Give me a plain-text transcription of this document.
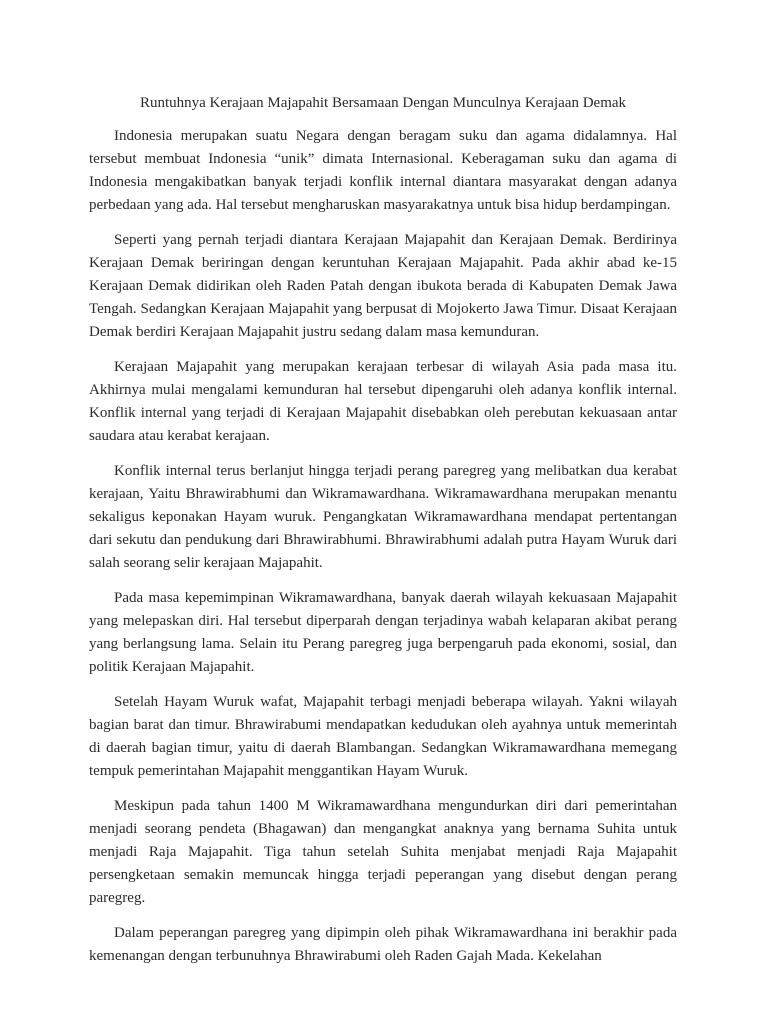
Runtuhnya Kerajaan Majapahit Bersamaan Dengan Munculnya Kerajaan Demak

Indonesia merupakan suatu Negara dengan beragam suku dan agama didalamnya. Hal tersebut membuat Indonesia “unik” dimata Internasional. Keberagaman suku dan agama di Indonesia mengakibatkan banyak terjadi konflik internal diantara masyarakat dengan adanya perbedaan yang ada. Hal tersebut mengharuskan masyarakatnya untuk bisa hidup berdampingan.

Seperti yang pernah terjadi diantara Kerajaan Majapahit dan Kerajaan Demak. Berdirinya Kerajaan Demak beriringan dengan keruntuhan Kerajaan Majapahit. Pada akhir abad ke-15 Kerajaan Demak didirikan oleh Raden Patah dengan ibukota berada di Kabupaten Demak Jawa Tengah. Sedangkan Kerajaan Majapahit yang berpusat di Mojokerto Jawa Timur. Disaat Kerajaan Demak berdiri Kerajaan Majapahit justru sedang dalam masa kemunduran.

Kerajaan Majapahit yang merupakan kerajaan terbesar di wilayah Asia pada masa itu. Akhirnya mulai mengalami kemunduran hal tersebut dipengaruhi oleh adanya konflik internal. Konflik internal yang terjadi di Kerajaan Majapahit disebabkan oleh perebutan kekuasaan antar saudara atau kerabat kerajaan.

Konflik internal terus berlanjut hingga terjadi perang paregreg yang melibatkan dua kerabat kerajaan, Yaitu Bhrawirabhumi dan Wikramawardhana. Wikramawardhana merupakan menantu sekaligus keponakan Hayam wuruk. Pengangkatan Wikramawardhana mendapat pertentangan dari sekutu dan pendukung dari Bhrawirabhumi. Bhrawirabhumi adalah putra Hayam Wuruk dari salah seorang selir kerajaan Majapahit.

Pada masa kepemimpinan Wikramawardhana, banyak daerah wilayah kekuasaan Majapahit yang melepaskan diri. Hal tersebut diperparah dengan terjadinya wabah kelaparan akibat perang yang berlangsung lama. Selain itu Perang paregreg juga berpengaruh pada ekonomi, sosial, dan politik Kerajaan Majapahit.

Setelah Hayam Wuruk wafat, Majapahit terbagi menjadi beberapa wilayah. Yakni wilayah bagian barat dan timur. Bhrawirabumi mendapatkan kedudukan oleh ayahnya untuk memerintah di daerah bagian timur, yaitu di daerah Blambangan. Sedangkan Wikramawardhana memegang tempuk pemerintahan Majapahit menggantikan Hayam Wuruk.

Meskipun pada tahun 1400 M Wikramawardhana mengundurkan diri dari pemerintahan menjadi seorang pendeta (Bhagawan) dan mengangkat anaknya yang bernama Suhita untuk menjadi Raja Majapahit. Tiga tahun setelah Suhita menjabat menjadi Raja Majapahit persengketaan semakin memuncak hingga terjadi peperangan yang disebut dengan perang paregreg.

Dalam peperangan paregreg yang dipimpin oleh pihak Wikramawardhana ini berakhir pada kemenangan dengan terbunuhnya Bhrawirabumi oleh Raden Gajah Mada. Kekelahan
